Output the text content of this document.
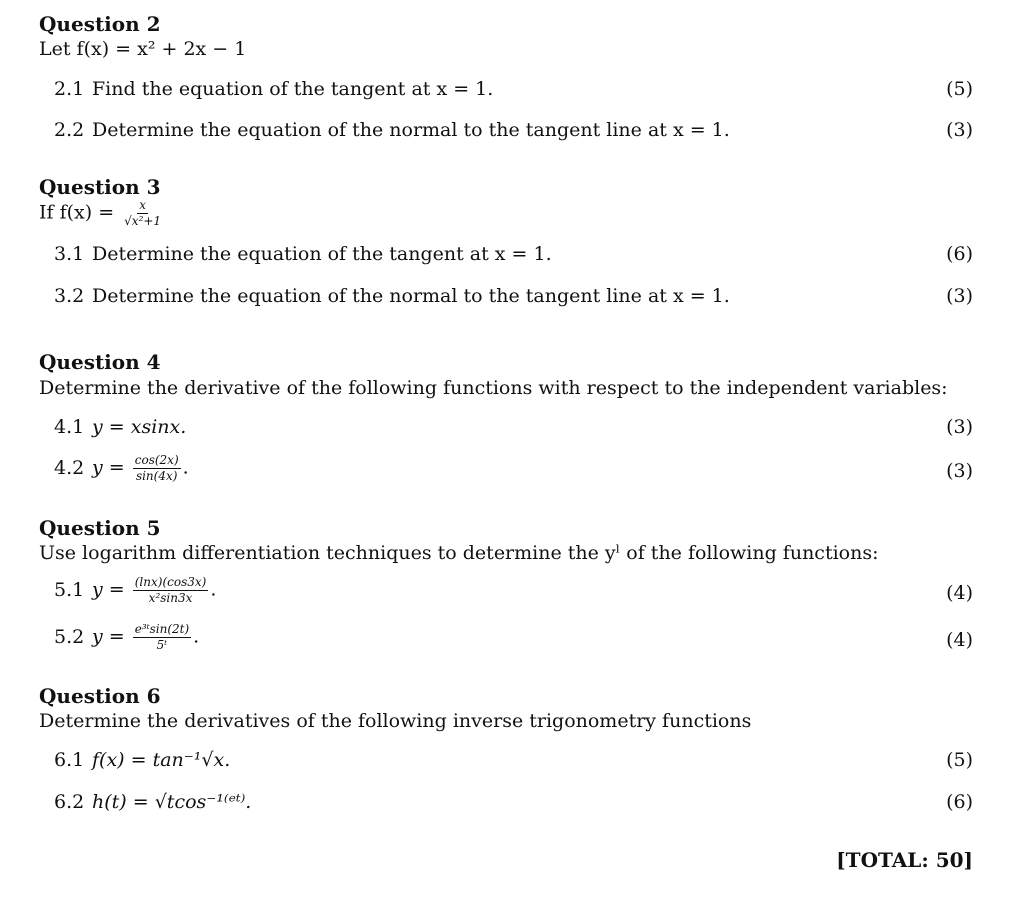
Question 2
Let f(x) = x² + 2x − 1
2.1 Find the equation of the tangent at x = 1.	(5)
2.2 Determine the equation of the normal to the tangent line at x = 1.	(3)
Question 3
If $f(x) = \frac{x}{\text{√x²+1}}$
3.1 Determine the equation of the tangent at x = 1.	(6)
3.2 Determine the equation of the normal to the tangent line at x = 1.	(3)
Question 4
Determine the derivative of the following functions with respect to the independent variables:
4.1 y = xsinx.	(3)
4.2 $y = \frac{\cos(2x)}{\sin(4x)}$ .	(3)
Question 5
Use logarithm differentiation techniques to determine the yˡ of the following functions:
5.1 $y = \frac{(\ln x)(\cos 3x)}{\text{x²sin3x}}$ .	(4)
5.2 $y = \frac{\text{e³ᵗsin(2t)}}{\text{5ᵗ}}$ .	(4)
Question 6
Determine the derivatives of the following inverse trigonometry functions
6.1 f(x) = tan⁻¹√x.	(5)
6.2 h(t) = √tcos⁻¹⁽ᵉᵗ⁾.	(6)
[TOTAL: 50]
